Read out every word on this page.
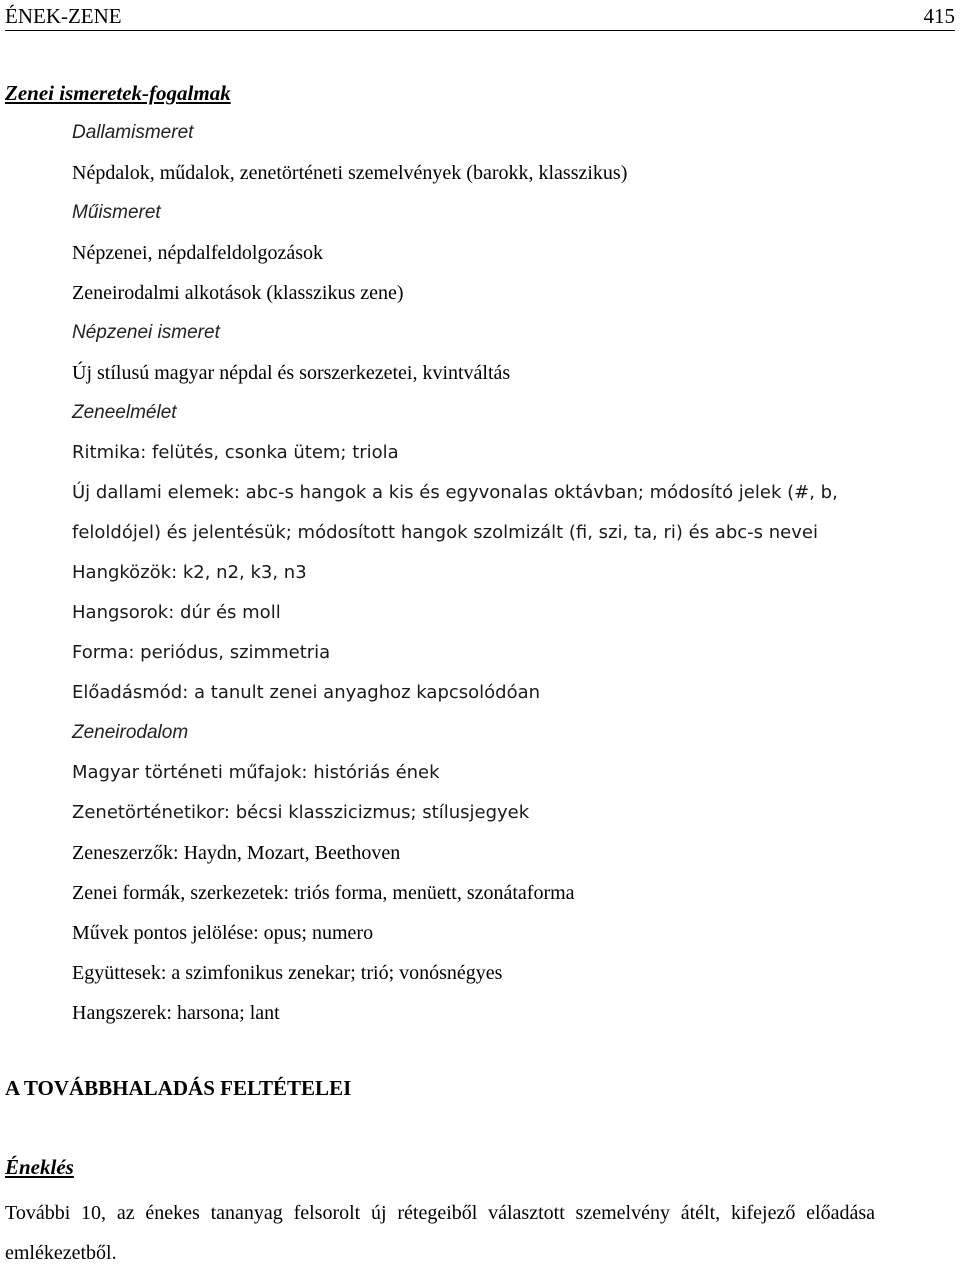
ÉNEK-ZENE	415
Zenei ismeretek-fogalmak
Dallamismeret
Népdalok, műdalok, zenetörténeti szemelvények (barokk, klasszikus)
Műismeret
Népzenei, népdalfeldolgozások
Zeneirodalmi alkotások (klasszikus zene)
Népzenei ismeret
Új stílusú magyar népdal és sorszerkezetei, kvintváltás
Zeneelmélet
Ritmika: felütés, csonka ütem; triola
Új dallami elemek: abc-s hangok a kis és egyvonalas oktávban; módosító jelek (#, b,
feloldójel) és jelentésük; módosított hangok szolmizált (fi, szi, ta, ri) és abc-s nevei
Hangközök: k2, n2, k3, n3
Hangsorok: dúr és moll
Forma: periódus, szimmetria
Előadásmód: a tanult zenei anyaghoz kapcsolódóan
Zeneirodalom
Magyar történeti műfajok: históriás ének
Zenetörténetikor: bécsi klasszicizmus; stílusjegyek
Zeneszerzők: Haydn, Mozart, Beethoven
Zenei formák, szerkezetek: triós forma, menüett, szonátaforma
Művek pontos jelölése: opus; numero
Együttesek: a szimfonikus zenekar; trió; vonósnégyes
Hangszerek: harsona; lant
A TOVÁBBHALADÁS FELTÉTELEI
Éneklés
További 10, az énekes tananyag felsorolt új rétegeiből választott szemelvény átélt, kifejező előadása emlékezetből.
